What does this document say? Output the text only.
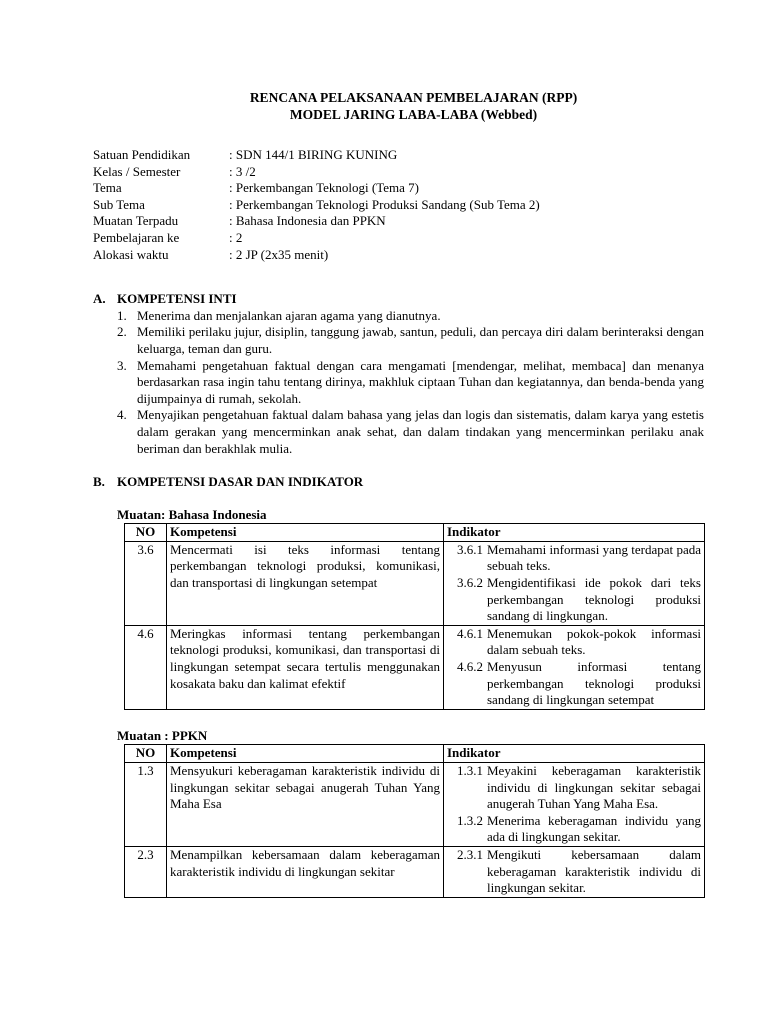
RENCANA PELAKSANAAN PEMBELAJARAN (RPP)
MODEL JARING LABA-LABA (Webbed)
Satuan Pendidikan	: SDN 144/1 BIRING KUNING
Kelas / Semester	: 3 /2
Tema	: Perkembangan Teknologi (Tema 7)
Sub Tema	: Perkembangan Teknologi Produksi Sandang (Sub Tema 2)
Muatan Terpadu	: Bahasa Indonesia dan PPKN
Pembelajaran ke	: 2
Alokasi waktu	: 2 JP (2x35 menit)
A. KOMPETENSI INTI
1. Menerima dan menjalankan ajaran agama yang dianutnya.
2. Memiliki perilaku jujur, disiplin, tanggung jawab, santun, peduli, dan percaya diri dalam berinteraksi dengan keluarga, teman dan guru.
3. Memahami pengetahuan faktual dengan cara mengamati [mendengar, melihat, membaca] dan menanya berdasarkan rasa ingin tahu tentang dirinya, makhluk ciptaan Tuhan dan kegiatannya, dan benda-benda yang dijumpainya di rumah, sekolah.
4. Menyajikan pengetahuan faktual dalam bahasa yang jelas dan logis dan sistematis, dalam karya yang estetis dalam gerakan yang mencerminkan anak sehat, dan dalam tindakan yang mencerminkan perilaku anak beriman dan berakhlak mulia.
B. KOMPETENSI DASAR DAN INDIKATOR
Muatan: Bahasa Indonesia
NO	Kompetensi	Indikator
3.6	Mencermati isi teks informasi tentang perkembangan teknologi produksi, komunikasi, dan transportasi di lingkungan setempat	3.6.1 Memahami informasi yang terdapat pada sebuah teks.
3.6.2 Mengidentifikasi ide pokok dari teks perkembangan teknologi produksi sandang di lingkungan.

4.6	Meringkas informasi tentang perkembangan teknologi produksi, komunikasi, dan transportasi di lingkungan setempat secara tertulis menggunakan kosakata baku dan kalimat efektif	4.6.1 Menemukan pokok-pokok informasi dalam sebuah teks.
4.6.2 Menyusun informasi tentang perkembangan teknologi produksi sandang di lingkungan setempat
Muatan : PPKN
NO	Kompetensi	Indikator
1.3	Mensyukuri keberagaman karakteristik individu di lingkungan sekitar sebagai anugerah Tuhan Yang Maha Esa	1.3.1 Meyakini keberagaman karakteristik individu di lingkungan sekitar sebagai anugerah Tuhan Yang Maha Esa.
1.3.2 Menerima keberagaman individu yang ada di lingkungan sekitar.

2.3	Menampilkan kebersamaan dalam keberagaman karakteristik individu di lingkungan sekitar	2.3.1 Mengikuti kebersamaan dalam keberagaman karakteristik individu di lingkungan sekitar.
